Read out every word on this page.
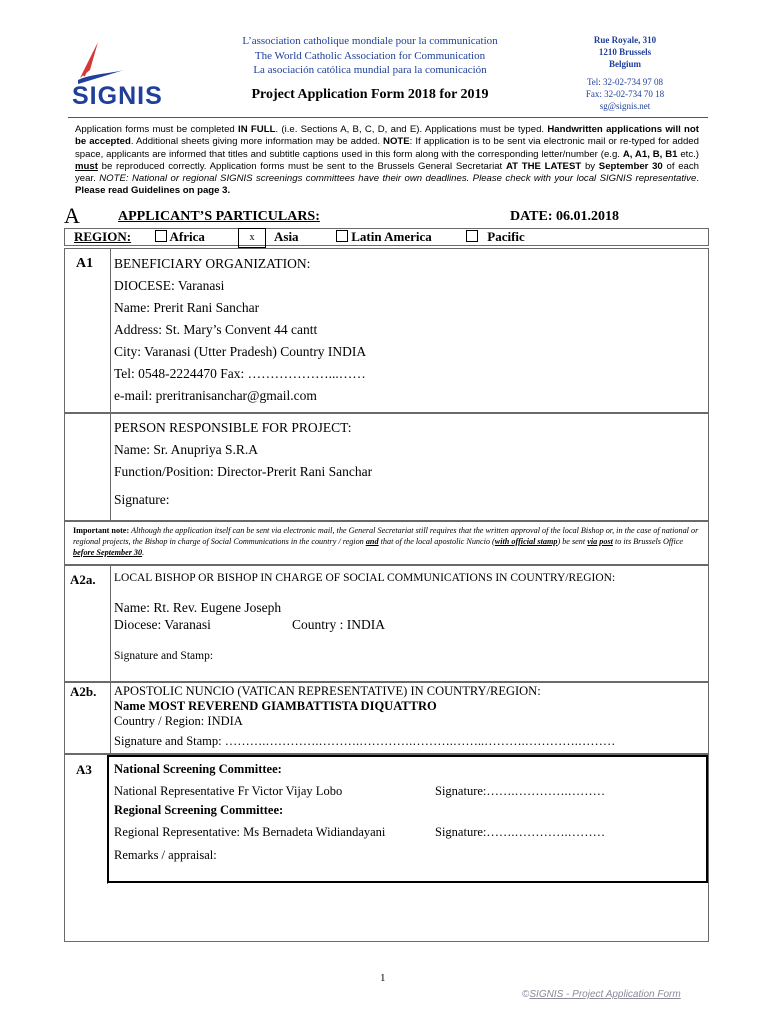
SIGNIS
L’association catholique mondiale pour la communication
The World Catholic Association for Communication
La asociación católica mundial para la comunicación
Rue Royale, 310
1210 Brussels
Belgium
Tel: 32-02-734 97 08
Fax: 32-02-734 70 18
sg@signis.net
Project Application Form 2018 for 2019
Application forms must be completed IN FULL. (i.e. Sections A, B, C, D, and E). Applications must be typed. Handwritten applications will not be accepted. Additional sheets giving more information may be added. NOTE: If application is to be sent via electronic mail or re-typed for added space, applicants are informed that titles and subtitle captions used in this form along with the corresponding letter/number (e.g. A, A1, B, B1 etc.) must be reproduced correctly. Application forms must be sent to the Brussels General Secretariat AT THE LATEST by September 30 of each year. NOTE: National or regional SIGNIS screenings committees have their own deadlines. Please check with your local SIGNIS representative. Please read Guidelines on page 3.
A	APPLICANT’S PARTICULARS:	DATE: 06.01.2018
REGION:	Africa	x	Asia	Latin America	Pacific
A1 BENEFICIARY ORGANIZATION:
DIOCESE: Varanasi
Name: Prerit Rani Sanchar
Address: St. Mary’s Convent 44 cantt
City: Varanasi (Utter Pradesh) Country INDIA
Tel: 0548-2224470 Fax: ………………...……
e-mail: preritranisanchar@gmail.com
PERSON RESPONSIBLE FOR PROJECT:
Name: Sr. Anupriya S.R.A
Function/Position: Director-Prerit Rani Sanchar
Signature:
Important note: Although the application itself can be sent via electronic mail, the General Secretariat still requires that the written approval of the local Bishop or, in the case of national or regional projects, the Bishop in charge of Social Communications in the country / region and that of the local apostolic Nuncio (with official stamp) be sent via post to its Brussels Office before September 30.
A2a. LOCAL BISHOP OR BISHOP IN CHARGE OF SOCIAL COMMUNICATIONS IN COUNTRY/REGION:
Name: Rt. Rev. Eugene Joseph
Diocese: Varanasi	Country : INDIA
Signature and Stamp:
A2b. APOSTOLIC NUNCIO (VATICAN REPRESENTATIVE) IN COUNTRY/REGION:
Name MOST REVEREND GIAMBATTISTA DIQUATTRO
Country / Region: INDIA
Signature and Stamp: ……….………….……….………….……….……..……….………….………
A3 National Screening Committee:
National Representative Fr Victor Vijay Lobo	Signature:…….………….………
Regional Screening Committee:
Regional Representative: Ms Bernadeta Widiandayani	Signature:…….………….………
Remarks / appraisal:
1
©SIGNIS - Project Application Form
